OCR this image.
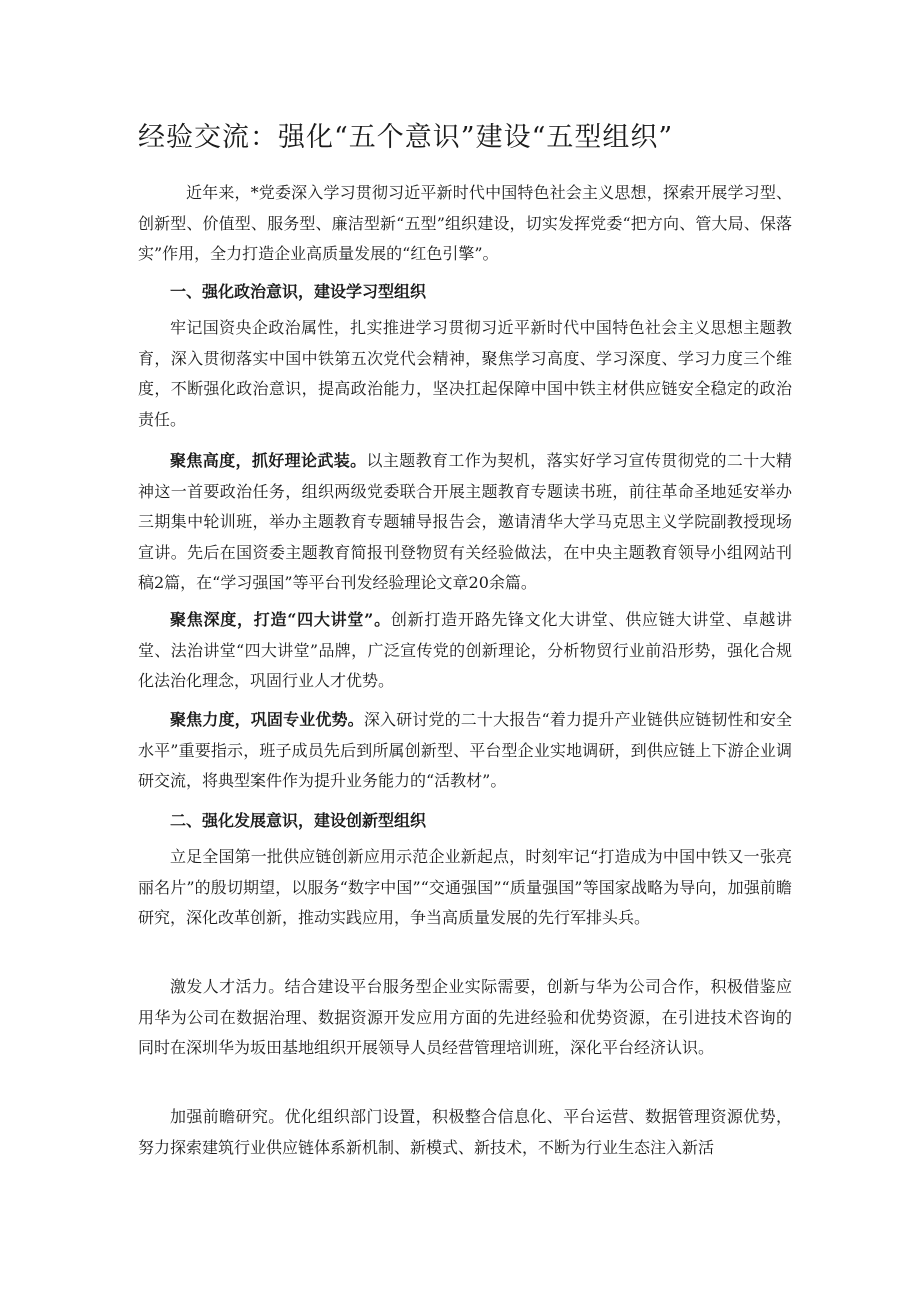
经验交流：强化“五个意识”建设“五型组织”

近年来，*党委深入学习贯彻习近平新时代中国特色社会主义思想，探索开展学习型、创新型、价值型、服务型、廉洁型新“五型”组织建设，切实发挥党委“把方向、管大局、保落实”作用，全力打造企业高质量发展的“红色引擎”。

一、强化政治意识，建设学习型组织

牢记国资央企政治属性，扎实推进学习贯彻习近平新时代中国特色社会主义思想主题教育，深入贯彻落实中国中铁第五次党代会精神，聚焦学习高度、学习深度、学习力度三个维度，不断强化政治意识，提高政治能力，坚决扛起保障中国中铁主材供应链安全稳定的政治责任。

聚焦高度，抓好理论武装。以主题教育工作为契机，落实好学习宣传贯彻党的二十大精神这一首要政治任务，组织两级党委联合开展主题教育专题读书班，前往革命圣地延安举办三期集中轮训班，举办主题教育专题辅导报告会，邀请清华大学马克思主义学院副教授现场宣讲。先后在国资委主题教育简报刊登物贸有关经验做法，在中央主题教育领导小组网站刊稿2篇，在“学习强国”等平台刊发经验理论文章20余篇。

聚焦深度，打造“四大讲堂”。创新打造开路先锋文化大讲堂、供应链大讲堂、卓越讲堂、法治讲堂“四大讲堂”品牌，广泛宣传党的创新理论，分析物贸行业前沿形势，强化合规化法治化理念，巩固行业人才优势。

聚焦力度，巩固专业优势。深入研讨党的二十大报告“着力提升产业链供应链韧性和安全水平”重要指示，班子成员先后到所属创新型、平台型企业实地调研，到供应链上下游企业调研交流，将典型案件作为提升业务能力的“活教材”。

二、强化发展意识，建设创新型组织

立足全国第一批供应链创新应用示范企业新起点，时刻牢记“打造成为中国中铁又一张亮丽名片”的殷切期望，以服务“数字中国”“交通强国”“质量强国”等国家战略为导向，加强前瞻研究，深化改革创新，推动实践应用，争当高质量发展的先行军排头兵。

激发人才活力。结合建设平台服务型企业实际需要，创新与华为公司合作，积极借鉴应用华为公司在数据治理、数据资源开发应用方面的先进经验和优势资源，在引进技术咨询的同时在深圳华为坂田基地组织开展领导人员经营管理培训班，深化平台经济认识。

加强前瞻研究。优化组织部门设置，积极整合信息化、平台运营、数据管理资源优势，努力探索建筑行业供应链体系新机制、新模式、新技术，不断为行业生态注入新活
